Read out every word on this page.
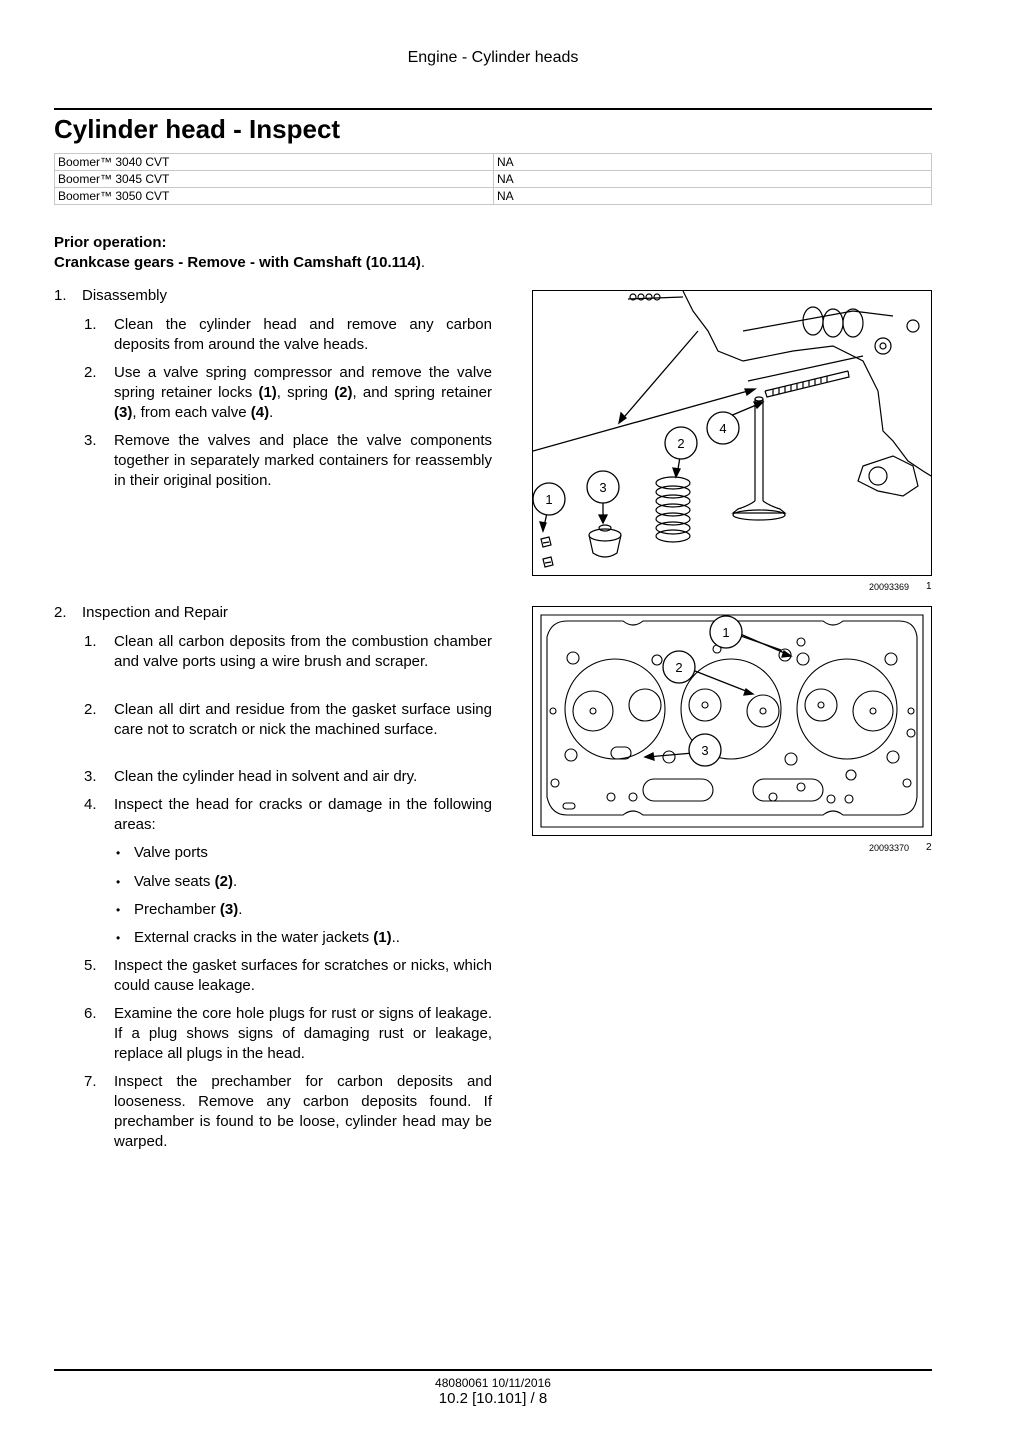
Engine - Cylinder heads
Cylinder head - Inspect
Boomer™ 3040 CVT	NA
Boomer™ 3045 CVT	NA
Boomer™ 3050 CVT	NA
Prior operation:
Crankcase gears - Remove - with Camshaft (10.114).
1. Disassembly
1.	Clean the cylinder head and remove any carbon deposits from around the valve heads.
2.	Use a valve spring compressor and remove the valve spring retainer locks (1), spring (2), and spring retainer (3), from each valve (4).
3.	Remove the valves and place the valve components together in separately marked containers for reassembly in their original position.
1
3
2
4
20093369 1
2. Inspection and Repair
1.	Clean all carbon deposits from the combustion chamber and valve ports using a wire brush and scraper.
2.	Clean all dirt and residue from the gasket surface using care not to scratch or nick the machined surface.
3.	Clean the cylinder head in solvent and air dry.
4.	Inspect the head for cracks or damage in the following areas:
• Valve ports
• Valve seats (2).
• Prechamber (3).
• External cracks in the water jackets (1)..
5.	Inspect the gasket surfaces for scratches or nicks, which could cause leakage.
6.	Examine the core hole plugs for rust or signs of leakage. If a plug shows signs of damaging rust or leakage, replace all plugs in the head.
7.	Inspect the prechamber for carbon deposits and looseness. Remove any carbon deposits found. If prechamber is found to be loose, cylinder head may be warped.
1
2
3
20093370 2
48080061 10/11/2016
10.2 [10.101] / 8
